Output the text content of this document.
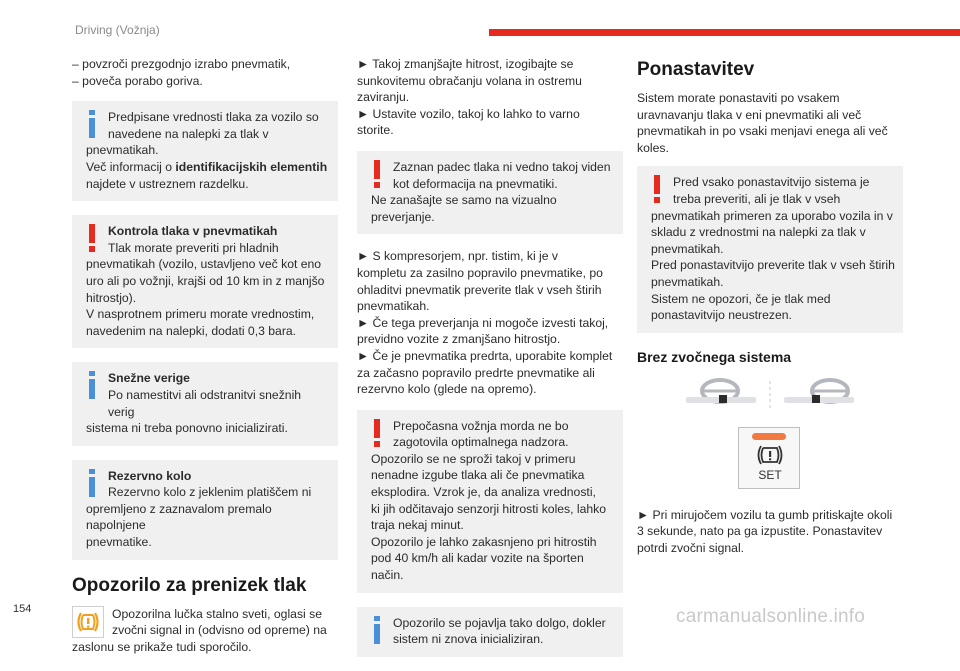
Driving (Vožnja)
– povzroči prezgodnjo izrabo pnevmatik,
– poveča porabo goriva.
Predpisane vrednosti tlaka za vozilo so
navedene na nalepki za tlak v
pnevmatikah.
Več informacij o identifikacijskih elementih
najdete v ustreznem razdelku.
Kontrola tlaka v pnevmatikah
Tlak morate preveriti pri hladnih
pnevmatikah (vozilo, ustavljeno več kot eno
uro ali po vožnji, krajši od 10 km in z manjšo
hitrostjo).
V nasprotnem primeru morate vrednostim,
navedenim na nalepki, dodati 0,3 bara.
Snežne verige
Po namestitvi ali odstranitvi snežnih verig
sistema ni treba ponovno inicializirati.
Rezervno kolo
Rezervno kolo z jeklenim platiščem ni
opremljeno z zaznavalom premalo napolnjene
pnevmatike.
Opozorilo za prenizek tlak
Opozorilna lučka stalno sveti, oglasi se
zvočni signal in (odvisno od opreme) na
zaslonu se prikaže tudi sporočilo.
► Takoj zmanjšajte hitrost, izogibajte se
sunkovitemu obračanju volana in ostremu
zaviranju.
► Ustavite vozilo, takoj ko lahko to varno
storite.
Zaznan padec tlaka ni vedno takoj viden
kot deformacija na pnevmatiki.
Ne zanašajte se samo na vizualno
preverjanje.
► S kompresorjem, npr. tistim, ki je v
kompletu za zasilno popravilo pnevmatike, po
ohladitvi pnevmatik preverite tlak v vseh štirih
pnevmatikah.
► Če tega preverjanja ni mogoče izvesti takoj,
previdno vozite z zmanjšano hitrostjo.
► Če je pnevmatika predrta, uporabite komplet
za začasno popravilo predrte pnevmatike ali
rezervno kolo (glede na opremo).
Prepočasna vožnja morda ne bo
zagotovila optimalnega nadzora.
Opozorilo se ne sproži takoj v primeru
nenadne izgube tlaka ali če pnevmatika
eksplodira. Vzrok je, da analiza vrednosti,
ki jih odčitavajo senzorji hitrosti koles, lahko
traja nekaj minut.
Opozorilo je lahko zakasnjeno pri hitrostih
pod 40 km/h ali kadar vozite na športen način.
Opozorilo se pojavlja tako dolgo, dokler
sistem ni znova inicializiran.
Ponastavitev
Sistem morate ponastaviti po vsakem
uravnavanju tlaka v eni pnevmatiki ali več
pnevmatikah in po vsaki menjavi enega ali več
koles.
Pred vsako ponastavitvijo sistema je
treba preveriti, ali je tlak v vseh
pnevmatikah primeren za uporabo vozila in v
skladu z vrednostmi na nalepki za tlak v
pnevmatikah.
Pred ponastavitvijo preverite tlak v vseh štirih
pnevmatikah.
Sistem ne opozori, če je tlak med
ponastavitvijo neustrezen.
Brez zvočnega sistema
SET
► Pri mirujočem vozilu ta gumb pritiskajte okoli
3 sekunde, nato pa ga izpustite. Ponastavitev
potrdi zvočni signal.
154	carmanualsonline.info
